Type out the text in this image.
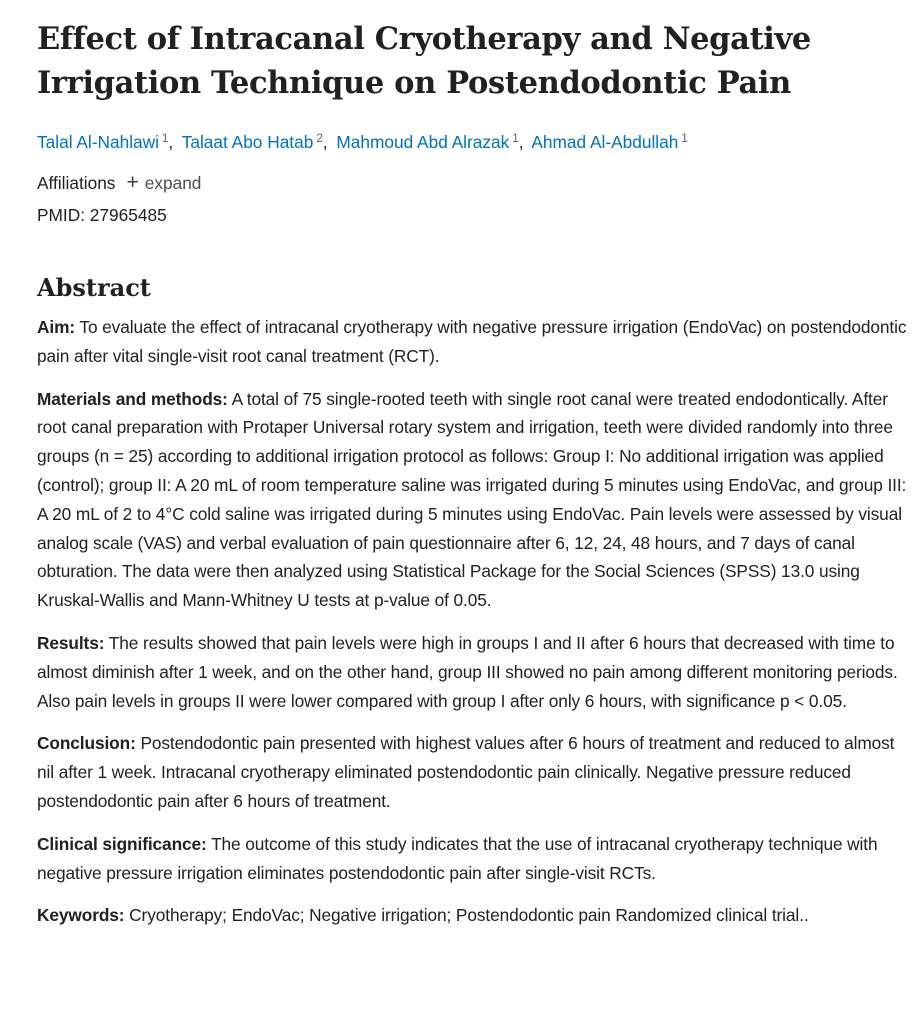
Effect of Intracanal Cryotherapy and Negative Irrigation Technique on Postendodontic Pain
Talal Al-Nahlawi $^1$, Talaat Abo Hatab $^2$, Mahmoud Abd Alrazak $^1$, Ahmad Al-Abdullah $^1$
Affiliations + expand
PMID: 27965485
Abstract

Aim: To evaluate the effect of intracanal cryotherapy with negative pressure irrigation (EndoVac) on postendodontic pain after vital single-visit root canal treatment (RCT).

Materials and methods: A total of 75 single-rooted teeth with single root canal were treated endodontically. After root canal preparation with Protaper Universal rotary system and irrigation, teeth were divided randomly into three groups (n = 25) according to additional irrigation protocol as follows: Group I: No additional irrigation was applied (control); group II: A 20 mL of room temperature saline was irrigated during 5 minutes using EndoVac, and group III: A 20 mL of 2 to 4°C cold saline was irrigated during 5 minutes using EndoVac. Pain levels were assessed by visual analog scale (VAS) and verbal evaluation of pain questionnaire after 6, 12, 24, 48 hours, and 7 days of canal obturation. The data were then analyzed using Statistical Package for the Social Sciences (SPSS) 13.0 using Kruskal-Wallis and Mann-Whitney U tests at p-value of 0.05.

Results: The results showed that pain levels were high in groups I and II after 6 hours that decreased with time to almost diminish after 1 week, and on the other hand, group III showed no pain among different monitoring periods. Also pain levels in groups II were lower compared with group I after only 6 hours, with significance p < 0.05.

Conclusion: Postendodontic pain presented with highest values after 6 hours of treatment and reduced to almost nil after 1 week. Intracanal cryotherapy eliminated postendodontic pain clinically. Negative pressure reduced postendodontic pain after 6 hours of treatment.

Clinical significance: The outcome of this study indicates that the use of intracanal cryotherapy technique with negative pressure irrigation eliminates postendodontic pain after single-visit RCTs.

Keywords: Cryotherapy; EndoVac; Negative irrigation; Postendodontic pain Randomized clinical trial..
